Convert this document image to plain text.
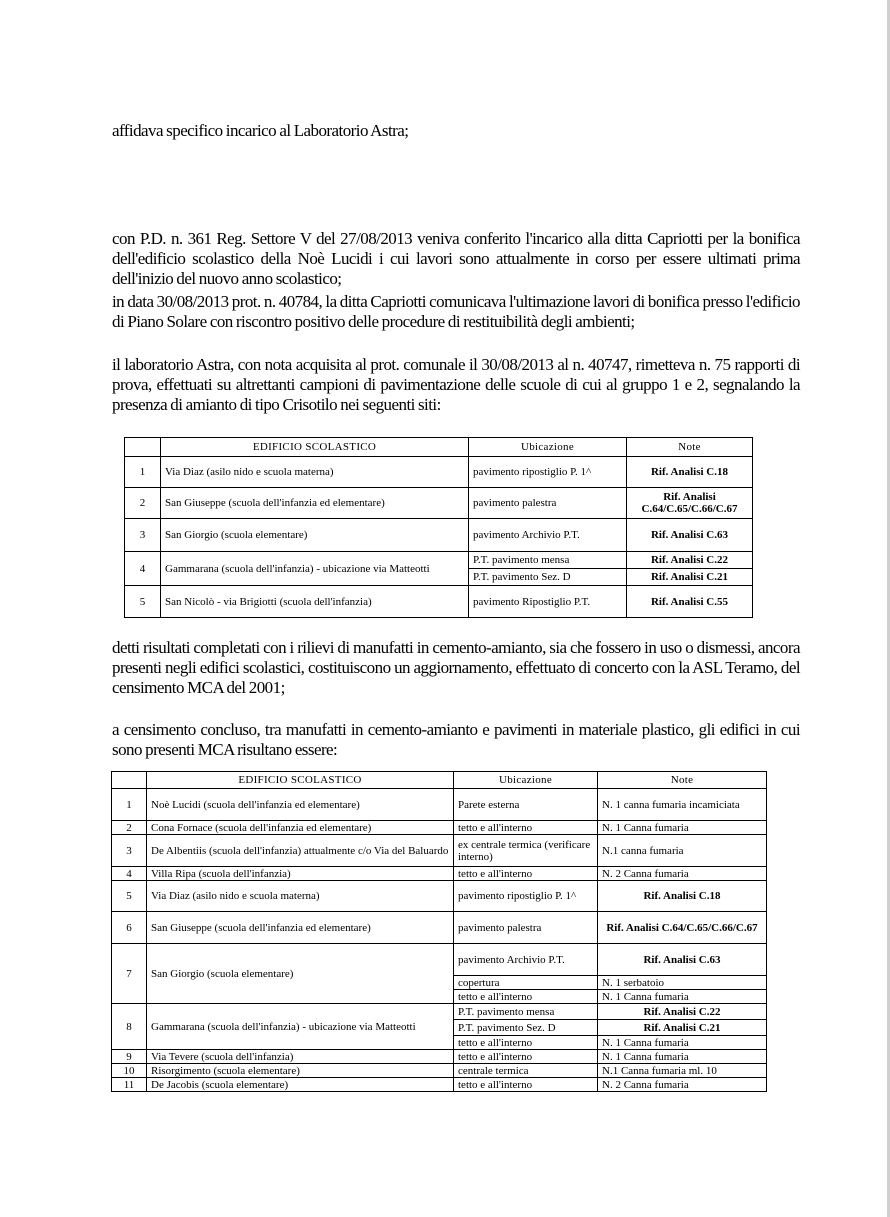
affidava specifico incarico al Laboratorio Astra;

con P.D. n. 361 Reg. Settore V del 27/08/2013 veniva conferito l'incarico alla ditta Capriotti per la bonifica dell'edificio scolastico della Noè Lucidi i cui lavori sono attualmente in corso per essere ultimati prima dell'inizio del nuovo anno scolastico;

in data 30/08/2013 prot. n. 40784, la ditta Capriotti comunicava l'ultimazione lavori di bonifica presso l'edificio di Piano Solare con riscontro positivo delle procedure di restituibilità degli ambienti;

il laboratorio Astra, con nota acquisita al prot. comunale il 30/08/2013 al n. 40747, rimetteva n. 75 rapporti di prova, effettuati su altrettanti campioni di pavimentazione delle scuole di cui al gruppo 1 e 2, segnalando la presenza di amianto di tipo Crisotilo nei seguenti siti:

	EDIFICIO SCOLASTICO	Ubicazione	Note
1	Via Diaz (asilo nido e scuola materna)	pavimento ripostiglio P. 1^	Rif. Analisi C.18
2	San Giuseppe (scuola dell'infanzia ed elementare)	pavimento palestra	Rif. Analisi C.64/C.65/C.66/C.67
3	San Giorgio (scuola elementare)	pavimento Archivio P.T.	Rif. Analisi C.63
4	Gammarana (scuola dell'infanzia) - ubicazione via Matteotti	P.T. pavimento mensa	Rif. Analisi C.22
		P.T. pavimento Sez. D	Rif. Analisi C.21
5	San Nicolò - via Brigiotti (scuola dell'infanzia)	pavimento Ripostiglio P.T.	Rif. Analisi C.55

detti risultati completati con i rilievi di manufatti in cemento-amianto, sia che fossero in uso o dismessi, ancora presenti negli edifici scolastici, costituiscono un aggiornamento, effettuato di concerto con la ASL Teramo, del censimento MCA del 2001;

a censimento concluso, tra manufatti in cemento-amianto e pavimenti in materiale plastico, gli edifici in cui sono presenti MCA risultano essere:

	EDIFICIO SCOLASTICO	Ubicazione	Note
1	Noè Lucidi (scuola dell'infanzia ed elementare)	Parete esterna	N. 1 canna fumaria incamiciata
2	Cona Fornace (scuola dell'infanzia ed elementare)	tetto e all'interno	N. 1 Canna fumaria
3	De Albentiis (scuola dell'infanzia) attualmente c/o Via del Baluardo	ex centrale termica (verificare interno)	N.1 canna fumaria
4	Villa Ripa (scuola dell'infanzia)	tetto e all'interno	N. 2 Canna fumaria
5	Via Diaz (asilo nido e scuola materna)	pavimento ripostiglio P. 1^	Rif. Analisi C.18
6	San Giuseppe (scuola dell'infanzia ed elementare)	pavimento palestra	Rif. Analisi C.64/C.65/C.66/C.67
7	San Giorgio (scuola elementare)	pavimento Archivio P.T.	Rif. Analisi C.63
		copertura	N. 1 serbatoio
		tetto e all'interno	N. 1 Canna fumaria
8	Gammarana (scuola dell'infanzia) - ubicazione via Matteotti	P.T. pavimento mensa	Rif. Analisi C.22
		P.T. pavimento Sez. D	Rif. Analisi C.21
		tetto e all'interno	N. 1 Canna fumaria
9	Via Tevere (scuola dell'infanzia)	tetto e all'interno	N. 1 Canna fumaria
10	Risorgimento (scuola elementare)	centrale termica	N.1 Canna fumaria ml. 10
11	De Jacobis (scuola elementare)	tetto e all'interno	N. 2 Canna fumaria
